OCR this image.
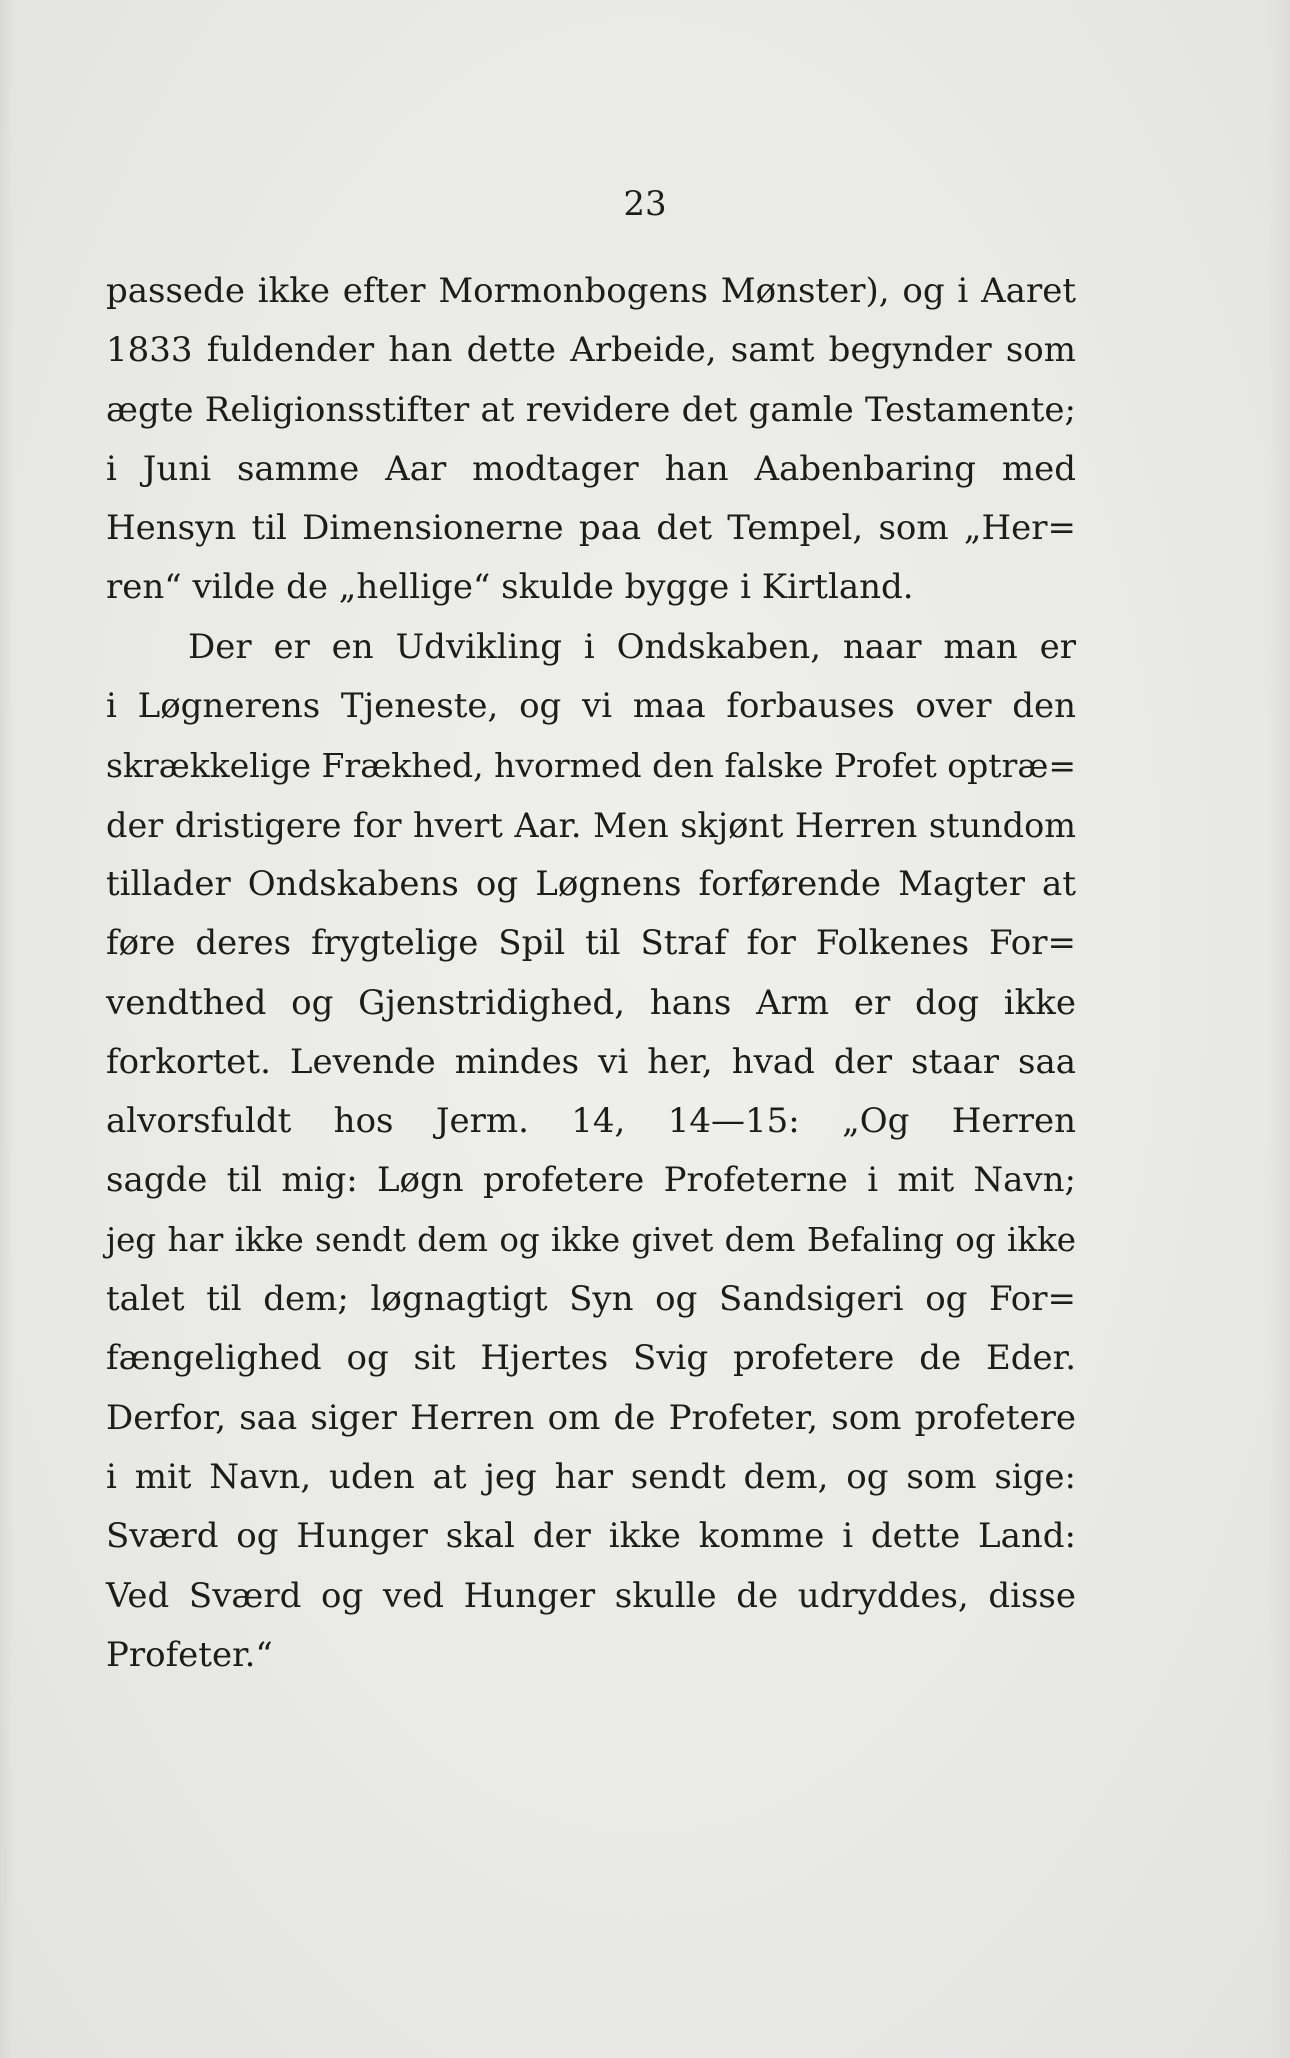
23
passede ikke efter Mormonbogens Mønster), og i Aaret
1833 fuldender han dette Arbeide, samt begynder som
ægte Religionsstifter at revidere det gamle Testamente;
i Juni samme Aar modtager han Aabenbaring med
Hensyn til Dimensionerne paa det Tempel, som „Her=
ren“ vilde de „hellige“ skulde bygge i Kirtland.
Der er en Udvikling i Ondskaben, naar man er
i Løgnerens Tjeneste, og vi maa forbauses over den
skrækkelige Frækhed, hvormed den falske Profet optræ=
der dristigere for hvert Aar. Men skjønt Herren stundom
tillader Ondskabens og Løgnens forførende Magter at
føre deres frygtelige Spil til Straf for Folkenes For=
vendthed og Gjenstridighed, hans Arm er dog ikke
forkortet. Levende mindes vi her, hvad der staar saa
alvorsfuldt hos Jerm. 14, 14—15: „Og Herren
sagde til mig: Løgn profetere Profeterne i mit Navn;
jeg har ikke sendt dem og ikke givet dem Befaling og ikke
talet til dem; løgnagtigt Syn og Sandsigeri og For=
fængelighed og sit Hjertes Svig profetere de Eder.
Derfor, saa siger Herren om de Profeter, som profetere
i mit Navn, uden at jeg har sendt dem, og som sige:
Sværd og Hunger skal der ikke komme i dette Land:
Ved Sværd og ved Hunger skulle de udryddes, disse
Profeter.“
